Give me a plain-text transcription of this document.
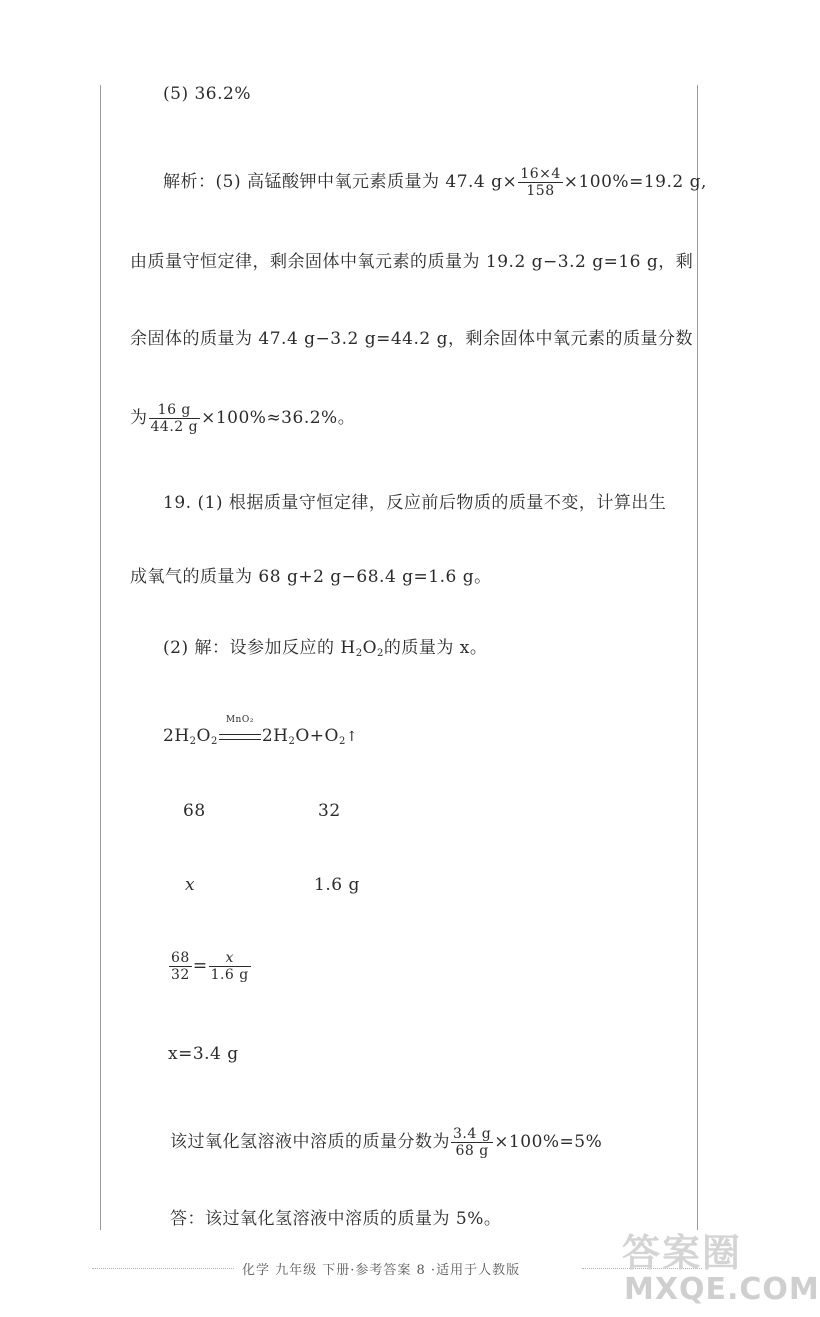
(5) 36.2%
解析：(5) 高锰酸钾中氧元素质量为 47.4 $g\times \frac{16\times 4}{158} \times 100\%=19.2$ g,
由质量守恒定律，剩余固体中氧元素的质量为 19.2 g−3.2 g=16 g，剩
余固体的质量为 47.4 g−3.2 g=44.2 g，剩余固体中氧元素的质量分数
为 $\frac{16 g}{44.2 g} \times 100\%\approx 36.2\%$。
19. (1) 根据质量守恒定律，反应前后物质的质量不变，计算出生
成氧气的质量为 68 g+2 g−68.4 g=1.6 g。
(2) 解：设参加反应的 $H_2O_2$的质量为 x。
$2H_2O_2$
MnO₂
$2H_2O+O_2↑$
68	32
x	1.6 g
$\frac{68}{32} = \frac{x}{1.6 g}$
x=3.4 g
该过氧化氢溶液中溶质的质量分数为 $\frac{3.4 g}{68 g} \times 100\%=5\%$
答：该过氧化氢溶液中溶质的质量为 5%。
化学 九年级 下册·参考答案 8 ·适用于人教版	答案圈
MXQE.COM
